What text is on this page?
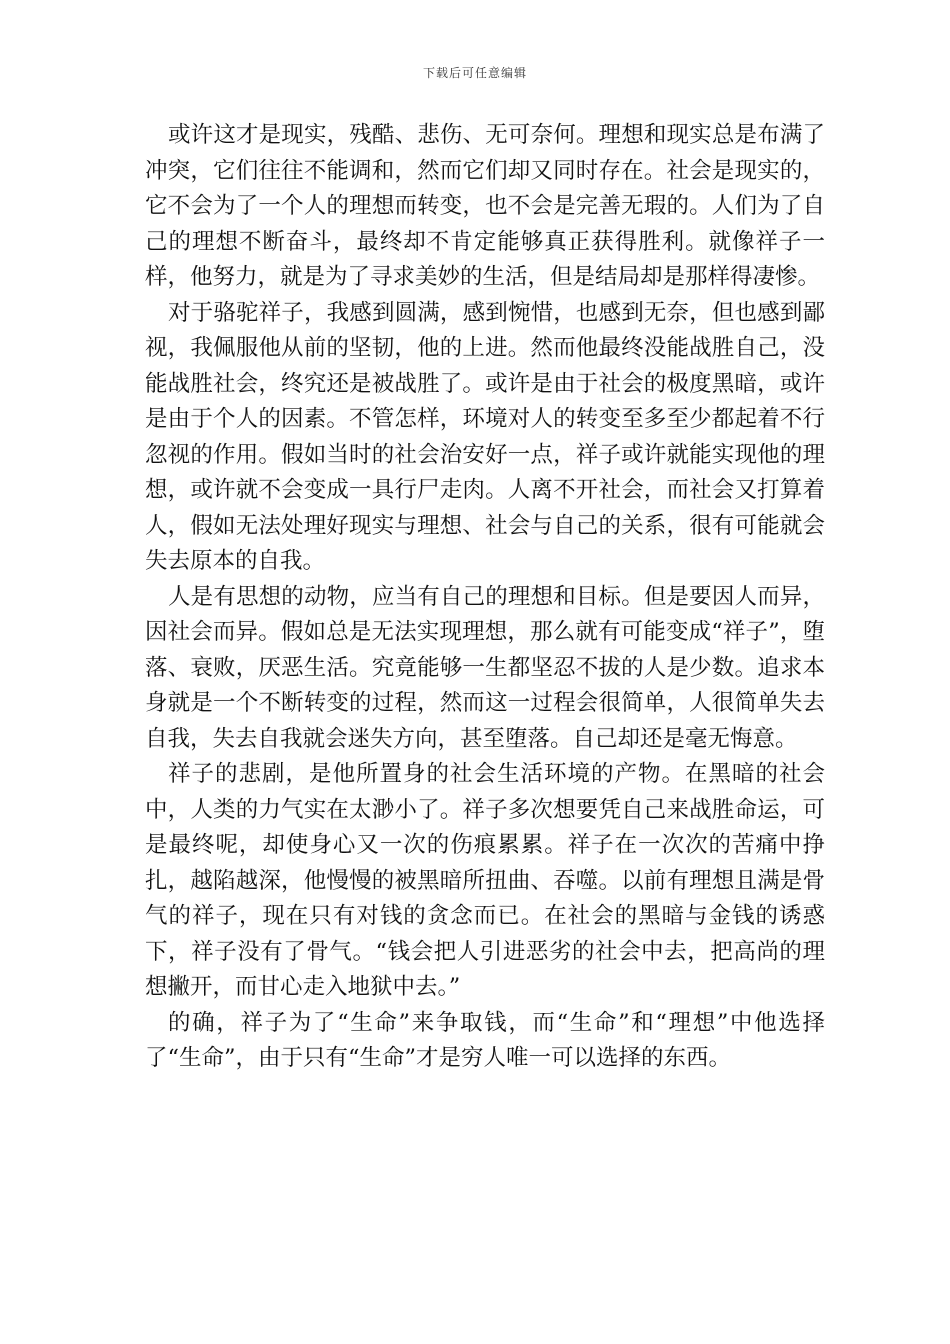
下载后可任意编辑

或许这才是现实，残酷、悲伤、无可奈何。理想和现实总是布满了冲突，它们往往不能调和，然而它们却又同时存在。社会是现实的，它不会为了一个人的理想而转变，也不会是完善无瑕的。人们为了自己的理想不断奋斗，最终却不肯定能够真正获得胜利。就像祥子一样，他努力，就是为了寻求美妙的生活，但是结局却是那样得凄惨。

对于骆驼祥子，我感到圆满，感到惋惜，也感到无奈，但也感到鄙视，我佩服他从前的坚韧，他的上进。然而他最终没能战胜自己，没能战胜社会，终究还是被战胜了。或许是由于社会的极度黑暗，或许是由于个人的因素。不管怎样，环境对人的转变至多至少都起着不行忽视的作用。假如当时的社会治安好一点，祥子或许就能实现他的理想，或许就不会变成一具行尸走肉。人离不开社会，而社会又打算着人，假如无法处理好现实与理想、社会与自己的关系，很有可能就会失去原本的自我。

人是有思想的动物，应当有自己的理想和目标。但是要因人而异，因社会而异。假如总是无法实现理想，那么就有可能变成“祥子”，堕落、衰败，厌恶生活。究竟能够一生都坚忍不拔的人是少数。追求本身就是一个不断转变的过程，然而这一过程会很简单，人很简单失去自我，失去自我就会迷失方向，甚至堕落。自己却还是毫无悔意。

祥子的悲剧，是他所置身的社会生活环境的产物。在黑暗的社会中，人类的力气实在太渺小了。祥子多次想要凭自己来战胜命运，可是最终呢，却使身心又一次的伤痕累累。祥子在一次次的苦痛中挣扎，越陷越深，他慢慢的被黑暗所扭曲、吞噬。以前有理想且满是骨气的祥子，现在只有对钱的贪念而已。在社会的黑暗与金钱的诱惑下，祥子没有了骨气。“钱会把人引进恶劣的社会中去，把高尚的理想撇开，而甘心走入地狱中去。”

的确，祥子为了“生命”来争取钱，而“生命”和“理想”中他选择了“生命”，由于只有“生命”才是穷人唯一可以选择的东西。
